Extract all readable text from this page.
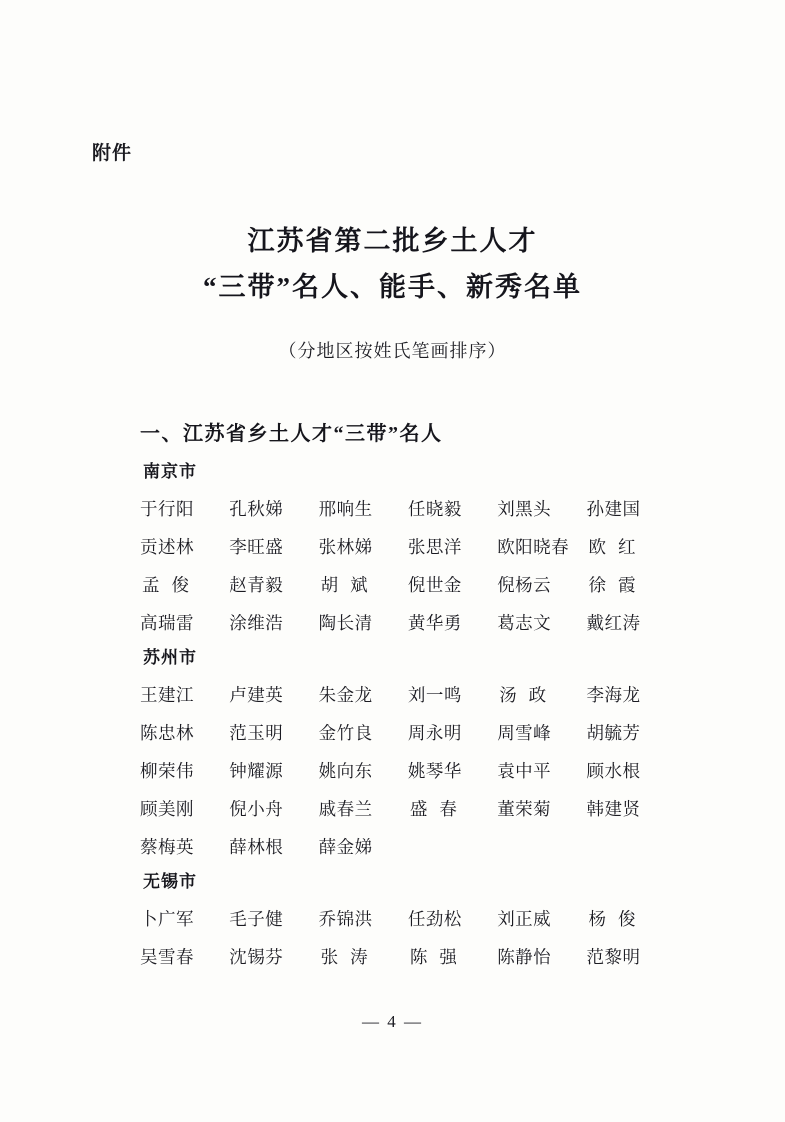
附件
江苏省第二批乡土人才
“三带”名人、能手、新秀名单
（分地区按姓氏笔画排序）
一、江苏省乡土人才“三带”名人
南京市
于行阳 孔秋娣 邢响生 任晓毅 刘黑头 孙建国
贡述林 李旺盛 张林娣 张思洋 欧阳晓春 欧红
孟俊 赵青毅 胡斌 倪世金 倪杨云 徐霞
高瑞雷 涂维浩 陶长清 黄华勇 葛志文 戴红涛
苏州市
王建江 卢建英 朱金龙 刘一鸣 汤政 李海龙
陈忠林 范玉明 金竹良 周永明 周雪峰 胡毓芳
柳荣伟 钟耀源 姚向东 姚琴华 袁中平 顾水根
顾美刚 倪小舟 戚春兰 盛春 董荣菊 韩建贤
蔡梅英 薛林根 薛金娣
无锡市
卜广军 毛子健 乔锦洪 任劲松 刘正威 杨俊
吴雪春 沈锡芬 张涛 陈强 陈静怡 范黎明
— 4 —
